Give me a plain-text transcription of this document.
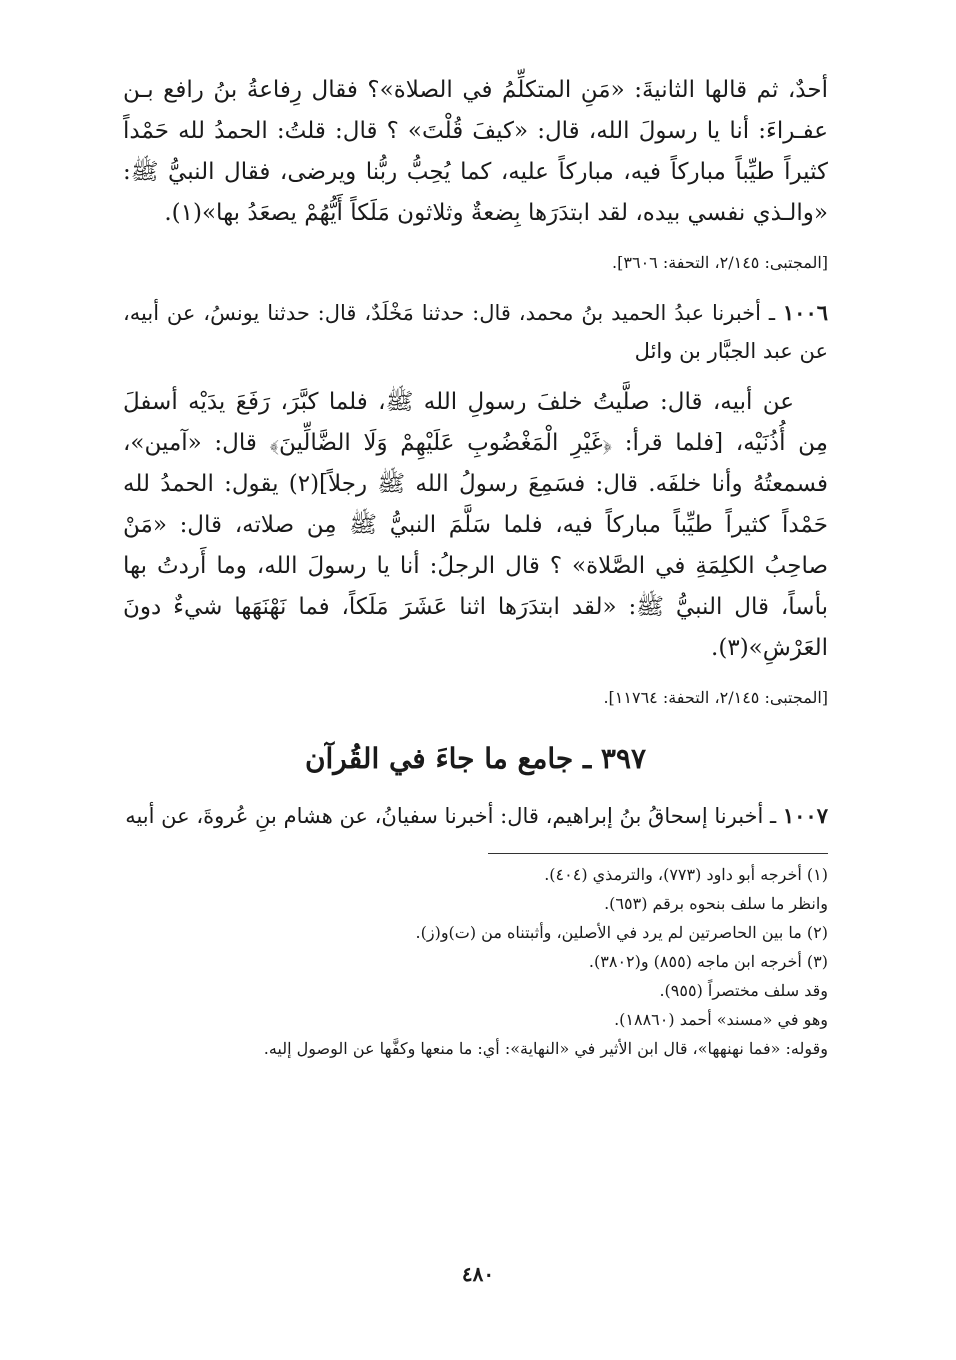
أحدٌ، ثم قالها الثانيةَ: «مَنِ المتكلِّمُ في الصلاة»؟ فقال رِفاعةُ بنُ رافع بـن عفـراءَ: أنا يا رسولَ الله، قال: «كيفَ قُلْتَ» ؟ قال: قلتُ: الحمدُ لله حَمْداً كثيراً طيِّباً مباركاً فيه، مباركاً عليه، كما يُحِبُّ ربُّنا ويرضى، فقال النبيُّ ﷺ: «والـذي نفسي بيده، لقد ابتدَرَها بِضعةٌ وثلاثون مَلَكاً أَيُّهُمْ يصعَدُ بها»(١).

[المجتبى: ٢/١٤٥، التحفة: ٣٦٠٦].
١٠٠٦ ـ أخبرنا عبدُ الحميد بنُ محمد، قال: حدثنا مَخْلَدٌ، قال: حدثنا يونسُ، عن أبيه، عن عبد الجبَّار بن وائل

عن أبيه، قال: صلَّيتُ خلفَ رسولِ الله ﷺ، فلما كبَّرَ، رَفَعَ يدَيْه أسفلَ مِن أُذُنَيْه، [فلما قرأ: ﴿غَيْرِ الْمَغْضُوبِ عَلَيْهِمْ وَلَا الضَّالِّينَ﴾ قال: «آمين»، فسمعتُهُ وأنا خلفَه. قال: فسَمِعَ رسولُ الله ﷺ رجلاً](٢) يقول: الحمدُ لله حَمْداً كثيراً طيِّباً مباركاً فيه، فلما سَلَّمَ النبيُّ ﷺ مِن صلاته، قال: «مَنْ صاحِبُ الكلِمَةِ في الصَّلاة» ؟ قال الرجلُ: أنا يا رسولَ الله، وما أَردتُ بها بأساً، قال النبيُّ ﷺ: «لقد ابتدَرَها اثنا عَشَرَ مَلَكاً، فما نَهْنَهَها شيءٌ دونَ العَرْشِ»(٣).

[المجتبى: ٢/١٤٥، التحفة: ١١٧٦٤].
٣٩٧ ـ جامع ما جاءَ في القُرآن
١٠٠٧ ـ أخبرنا إسحاقُ بنُ إبراهيم، قال: أخبرنا سفيانُ، عن هشام بنِ عُروةَ، عن أبيه

(١) أخرجه أبو داود (٧٧٣)، والترمذي (٤٠٤).

وانظر ما سلف بنحوه برقم (٦٥٣).

(٢) ما بين الحاصرتين لم يرد في الأصلين، وأثبتناه من (ت)و(ز).

(٣) أخرجه ابن ماجه (٨٥٥) و(٣٨٠٢).

وقد سلف مختصراً (٩٥٥).

وهو في «مسند» أحمد (١٨٨٦٠).

وقوله: «فما نهنهها»، قال ابن الأثير في «النهاية»: أي: ما منعها وكفَّها عن الوصول إليه.

٤٨٠
